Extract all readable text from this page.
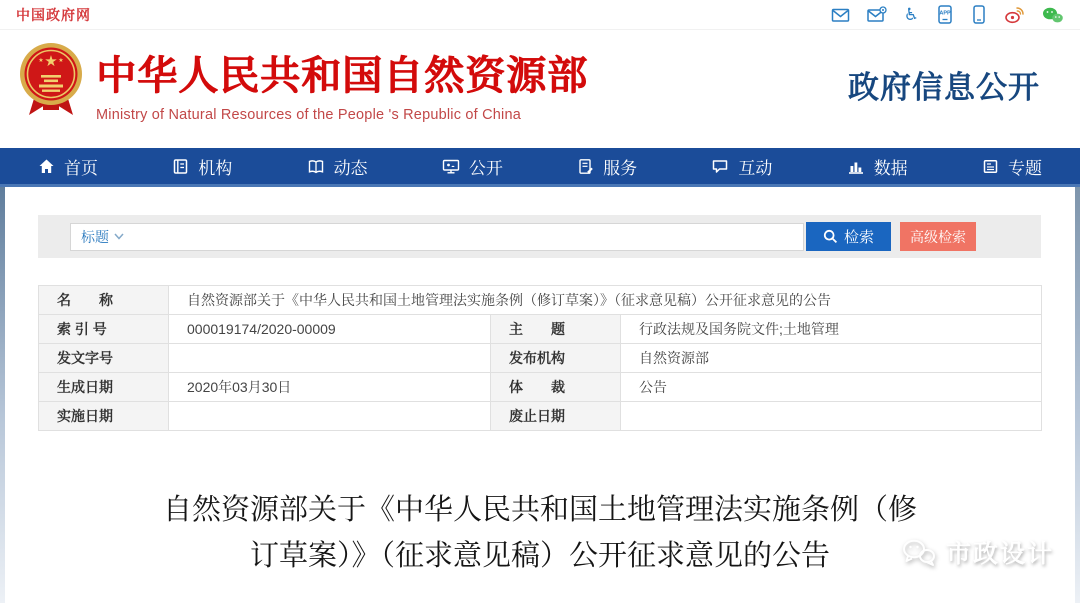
中国政府网	♿	APP
★
★ ★ 中华人民共和国自然资源部
Ministry of Natural Resources of the People 's Republic of China
政府信息公开
首页	机构	动态	公开	服务	互动	数据	专题
标题	检索	高级检索
名　　称	自然资源部关于《中华人民共和国土地管理法实施条例（修订草案）》（征求意见稿）公开征求意见的公告		
索 引 号	000019174/2020-00009	主　　题	行政法规及国务院文件;土地管理
发文字号		发布机构	自然资源部
生成日期	2020年03月30日	体　　裁	公告
实施日期		废止日期	
自然资源部关于《中华人民共和国土地管理法实施条例（修订草案）》（征求意见稿）公开征求意见的公告	市政设计
